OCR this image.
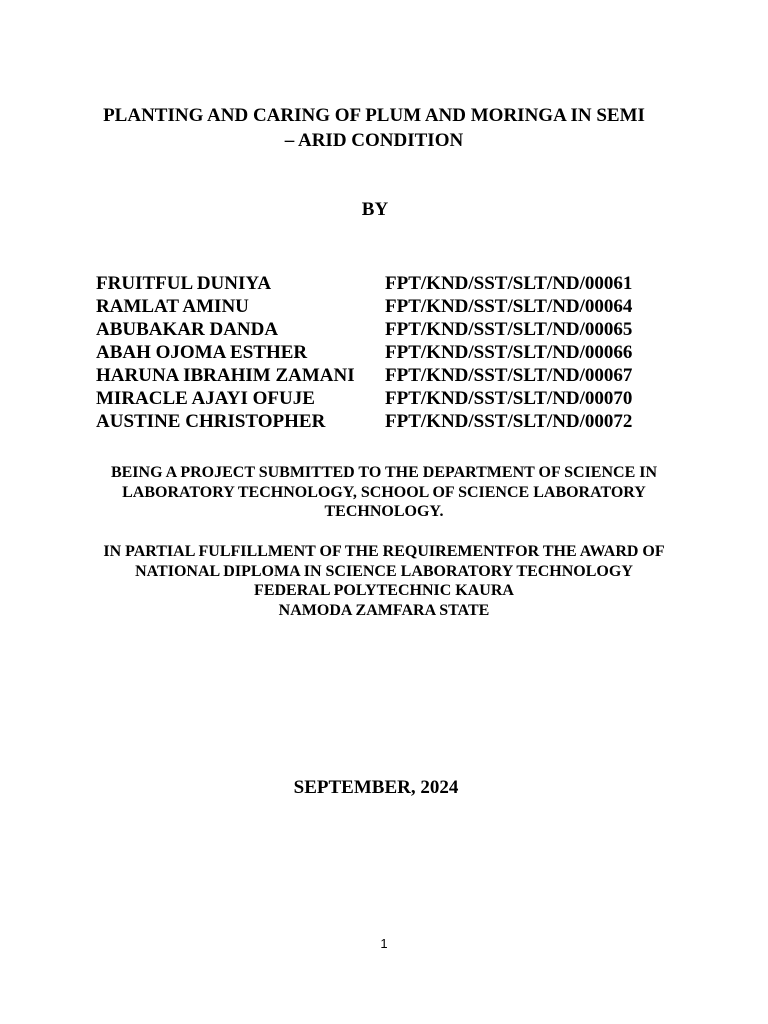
PLANTING AND CARING OF PLUM AND MORINGA IN SEMI
– ARID CONDITION
BY
FRUITFUL DUNIYA	FPT/KND/SST/SLT/ND/00061
RAMLAT AMINU	FPT/KND/SST/SLT/ND/00064
ABUBAKAR DANDA	FPT/KND/SST/SLT/ND/00065
ABAH OJOMA ESTHER	FPT/KND/SST/SLT/ND/00066
HARUNA IBRAHIM ZAMANI	FPT/KND/SST/SLT/ND/00067
MIRACLE AJAYI OFUJE	FPT/KND/SST/SLT/ND/00070
AUSTINE CHRISTOPHER	FPT/KND/SST/SLT/ND/00072
BEING A PROJECT SUBMITTED TO THE DEPARTMENT OF SCIENCE IN
LABORATORY TECHNOLOGY, SCHOOL OF SCIENCE LABORATORY
TECHNOLOGY.
IN PARTIAL FULFILLMENT OF THE REQUIREMENTFOR THE AWARD OF
NATIONAL DIPLOMA IN SCIENCE LABORATORY TECHNOLOGY
FEDERAL POLYTECHNIC KAURA
NAMODA ZAMFARA STATE
SEPTEMBER, 2024
1
